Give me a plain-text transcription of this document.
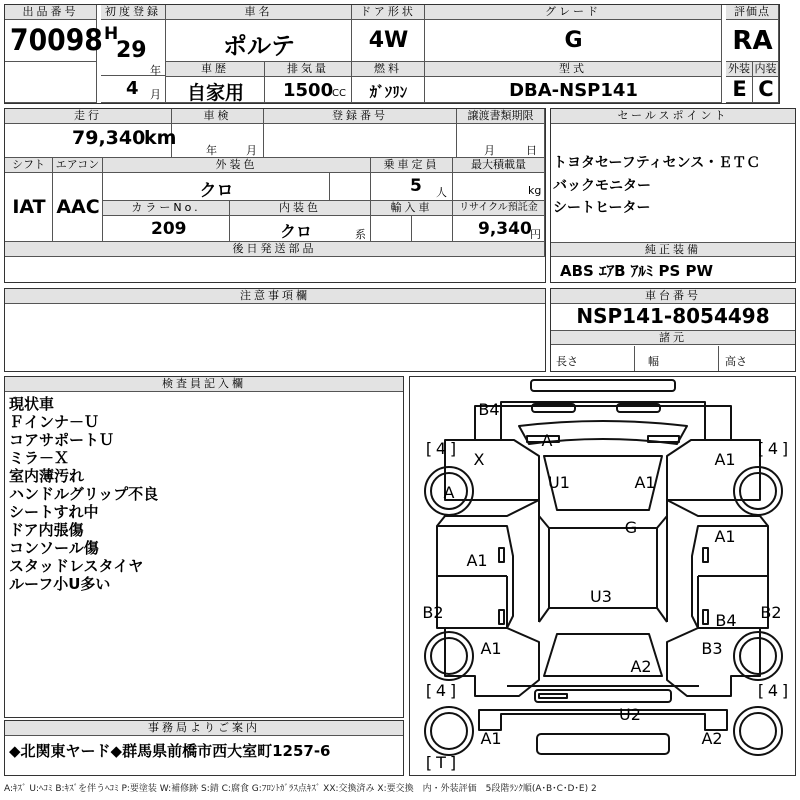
出品番号
70098
初度登録
H
29
年
4 月
車名
ポルテ
ドア形状
4W
グレード
G
評価点
RA
車歴
自家用
排気量
1500
CC
燃料
ｶﾞｿﾘﾝ
型式
DBA-NSP141
外装 内装
E C
走行
79,340
km
車検
年	月
登録番号	譲渡書類期限
月	日
シフト エアコン
IAT AAC
外装色
クロ
乗車定員
5 人
最大積載量
kg
カラーNo.	内装色	輸入車	リサイクル預託金
209	クロ	系	9,340
円
後日発送部品
セールスポイント
トヨタセーフティセンス・ＥＴＣ
バックモニター
シートヒーター
純正装備
ABS ｴｱB ｱﾙﾐ PS PW
注意事項欄	車台番号
NSP141-8054498
諸元
長さ	幅	高さ
検査員記入欄
現状車
Ｆインナ－Ｕ
コアサポートＵ
ミラ－Ｘ
室内薄汚れ
ハンドルグリップ不良
シートすれ中
ドア内張傷
コンソール傷
スタッドレスタイヤ
ルーフ小U多い
事務局よりご案内
◆北関東ヤード◆群馬県前橋市西大室町1257-6
A:ｷｽﾞ U:ﾍｺﾐ B:ｷｽﾞを伴うﾍｺﾐ P:要塗装 W:補修跡 S:錆 C:腐食 G:ﾌﾛﾝﾄｶﾞﾗｽ点ｷｽﾞ XX:交換済み X:要交換　内・外装評価　5段階ﾗﾝｸ順(A･B･C･D･E) 2
[ 4 ]	[ 4 ]
[ 4 ]	[ 4 ]
[ T ]
B4
A
X	A1
A
U1	A1
G	A1
A1
U3
B2	B2
B4
A1	B3
A2
U2
A1	A2
